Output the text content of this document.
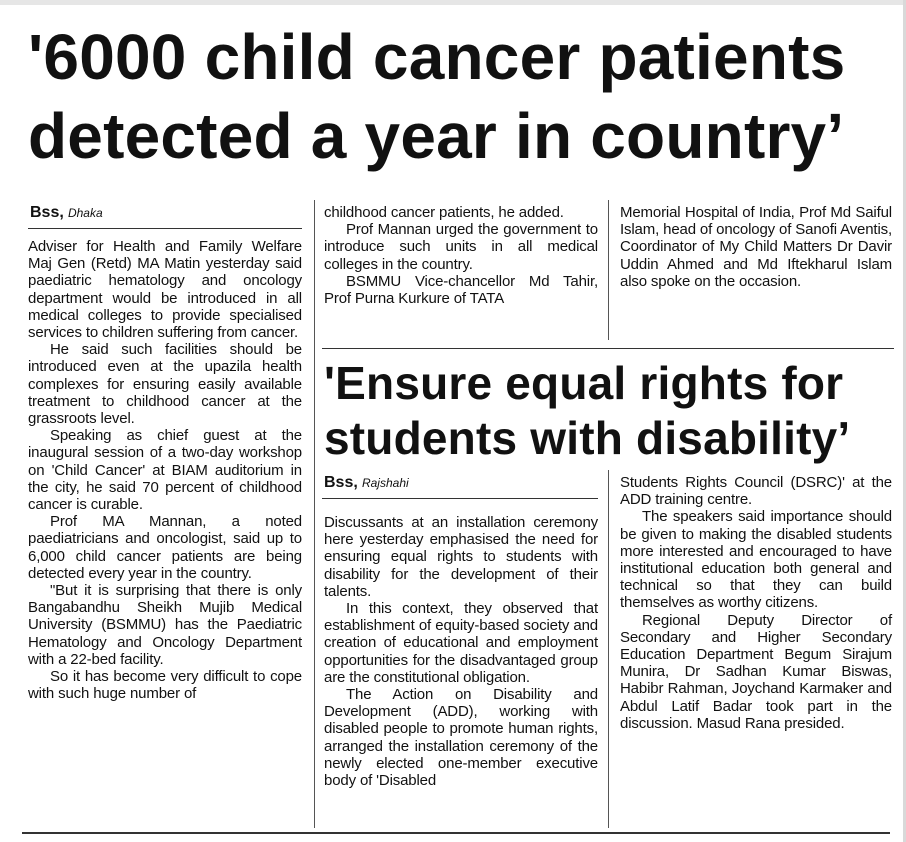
'6000 child cancer patients
detected a year in country’
Bss, Dhaka

Adviser for Health and Family Welfare Maj Gen (Retd) MA Matin yesterday said paediatric hematology and oncology department would be introduced in all medical colleges to provide specialised services to children suffering from cancer.

He said such facilities should be introduced even at the upazila health complexes for ensuring easily available treatment to childhood cancer at the grassroots level.

Speaking as chief guest at the inaugural session of a two-day workshop on 'Child Cancer' at BIAM auditorium in the city, he said 70 percent of childhood cancer is curable.

Prof MA Mannan, a noted paediatricians and oncologist, said up to 6,000 child cancer patients are being detected every year in the country.

"But it is surprising that there is only Bangabandhu Sheikh Mujib Medical University (BSMMU) has the Paediatric Hematology and Oncology Department with a 22-bed facility.

So it has become very difficult to cope with such huge number of

childhood cancer patients, he added.

Prof Mannan urged the government to introduce such units in all medical colleges in the country.

BSMMU Vice-chancellor Md Tahir, Prof Purna Kurkure of TATA

Memorial Hospital of India, Prof Md Saiful Islam, head of oncology of Sanofi Aventis, Coordinator of My Child Matters Dr Davir Uddin Ahmed and Md Iftekharul Islam also spoke on the occasion.

'Ensure equal rights for
students with disability’
Bss, Rajshahi

Discussants at an installation ceremony here yesterday emphasised the need for ensuring equal rights to students with disability for the development of their talents.

In this context, they observed that establishment of equity-based society and creation of educational and employment opportunities for the disadvantaged group are the constitutional obligation.

The Action on Disability and Development (ADD), working with disabled people to promote human rights, arranged the installation ceremony of the newly elected one-member executive body of 'Disabled

Students Rights Council (DSRC)' at the ADD training centre.

The speakers said importance should be given to making the disabled students more interested and encouraged to have institutional education both general and technical so that they can build themselves as worthy citizens.

Regional Deputy Director of Secondary and Higher Secondary Education Department Begum Sirajum Munira, Dr Sadhan Kumar Biswas, Habibr Rahman, Joychand Karmaker and Abdul Latif Badar took part in the discussion. Masud Rana presided.
